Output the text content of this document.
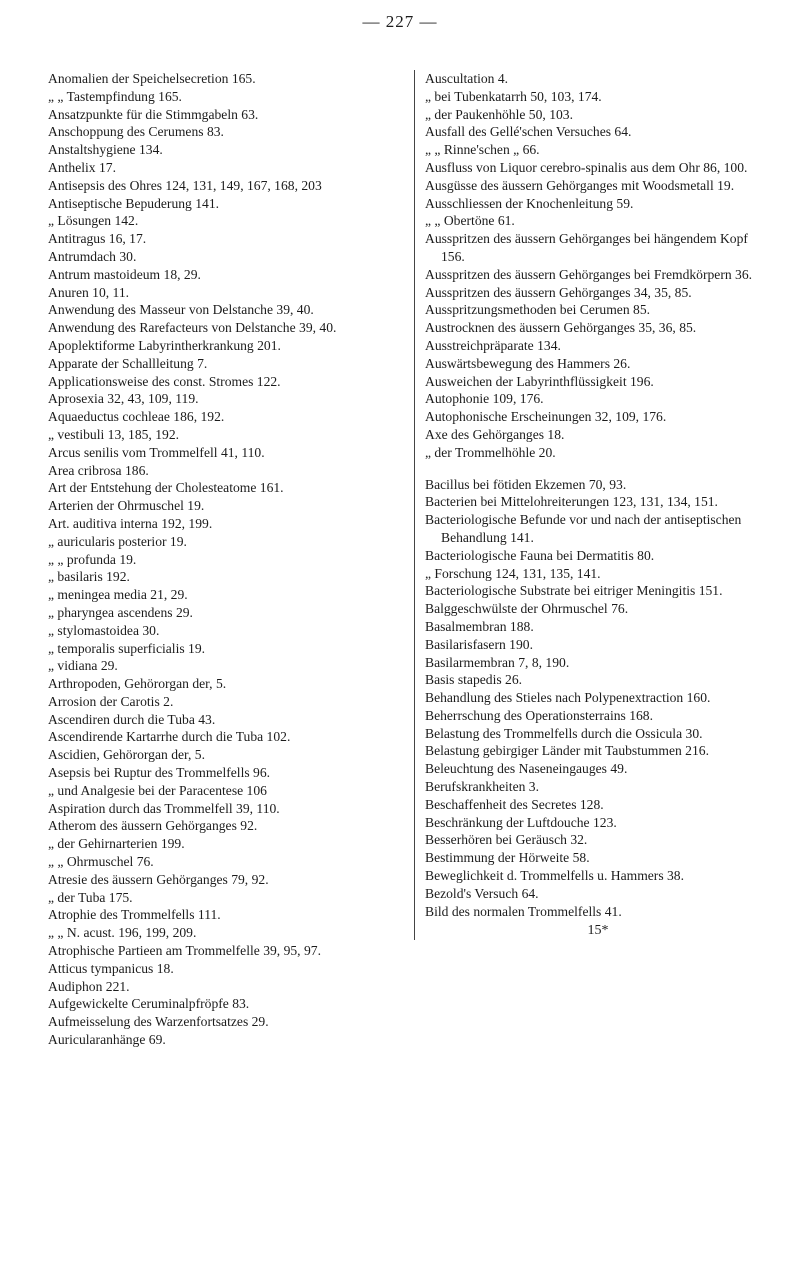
— 227 —

Anomalien der Speichelsecretion 165.

„ „ Tastempfindung 165.

Ansatzpunkte für die Stimmgabeln 63.

Anschoppung des Cerumens 83.

Anstaltshygiene 134.

Anthelix 17.

Antisepsis des Ohres 124, 131, 149, 167, 168, 203

Antiseptische Bepuderung 141.

„ Lösungen 142.

Antitragus 16, 17.

Antrumdach 30.

Antrum mastoideum 18, 29.

Anuren 10, 11.

Anwendung des Masseur von Delstanche 39, 40.

Anwendung des Rarefacteurs von Delstanche 39, 40.

Apoplektiforme Labyrintherkrankung 201.

Apparate der Schallleitung 7.

Applicationsweise des const. Stromes 122.

Aprosexia 32, 43, 109, 119.

Aquaeductus cochleae 186, 192.

„ vestibuli 13, 185, 192.

Arcus senilis vom Trommelfell 41, 110.

Area cribrosa 186.

Art der Entstehung der Cholesteatome 161.

Arterien der Ohrmuschel 19.

Art. auditiva interna 192, 199.

„ auricularis posterior 19.

„ „ profunda 19.

„ basilaris 192.

„ meningea media 21, 29.

„ pharyngea ascendens 29.

„ stylomastoidea 30.

„ temporalis superficialis 19.

„ vidiana 29.

Arthropoden, Gehörorgan der, 5.

Arrosion der Carotis 2.

Ascendiren durch die Tuba 43.

Ascendirende Kartarrhe durch die Tuba 102.

Ascidien, Gehörorgan der, 5.

Asepsis bei Ruptur des Trommelfells 96.

„ und Analgesie bei der Paracentese 106

Aspiration durch das Trommelfell 39, 110.

Atherom des äussern Gehörganges 92.

„ der Gehirnarterien 199.

„ „ Ohrmuschel 76.

Atresie des äussern Gehörganges 79, 92.

„ der Tuba 175.

Atrophie des Trommelfells 111.

„ „ N. acust. 196, 199, 209.

Atrophische Partieen am Trommelfelle 39, 95, 97.

Atticus tympanicus 18.

Audiphon 221.

Aufgewickelte Ceruminalpfröpfe 83.

Aufmeisselung des Warzenfortsatzes 29.

Auricularanhänge 69.

Auscultation 4.

„ bei Tubenkatarrh 50, 103, 174.

„ der Paukenhöhle 50, 103.

Ausfall des Gellé'schen Versuches 64.

„ „ Rinne'schen „ 66.

Ausfluss von Liquor cerebro-spinalis aus dem Ohr 86, 100.

Ausgüsse des äussern Gehörganges mit Woodsmetall 19.

Ausschliessen der Knochenleitung 59.

„ „ Obertöne 61.

Ausspritzen des äussern Gehörganges bei hängendem Kopf 156.

Ausspritzen des äussern Gehörganges bei Fremdkörpern 36.

Ausspritzen des äussern Gehörganges 34, 35, 85.

Ausspritzungsmethoden bei Cerumen 85.

Austrocknen des äussern Gehörganges 35, 36, 85.

Ausstreichpräparate 134.

Auswärtsbewegung des Hammers 26.

Ausweichen der Labyrinthflüssigkeit 196.

Autophonie 109, 176.

Autophonische Erscheinungen 32, 109, 176.

Axe des Gehörganges 18.

„ der Trommelhöhle 20.

Bacillus bei fötiden Ekzemen 70, 93.

Bacterien bei Mittelohreiterungen 123, 131, 134, 151.

Bacteriologische Befunde vor und nach der antiseptischen Behandlung 141.

Bacteriologische Fauna bei Dermatitis 80.

„ Forschung 124, 131, 135, 141.

Bacteriologische Substrate bei eitriger Meningitis 151.

Balggeschwülste der Ohrmuschel 76.

Basalmembran 188.

Basilarisfasern 190.

Basilarmembran 7, 8, 190.

Basis stapedis 26.

Behandlung des Stieles nach Polypenextraction 160.

Beherrschung des Operationsterrains 168.

Belastung des Trommelfells durch die Ossicula 30.

Belastung gebirgiger Länder mit Taubstummen 216.

Beleuchtung des Naseneingauges 49.

Berufskrankheiten 3.

Beschaffenheit des Secretes 128.

Beschränkung der Luftdouche 123.

Besserhören bei Geräusch 32.

Bestimmung der Hörweite 58.

Beweglichkeit d. Trommelfells u. Hammers 38.

Bezold's Versuch 64.

Bild des normalen Trommelfells 41.

15*
